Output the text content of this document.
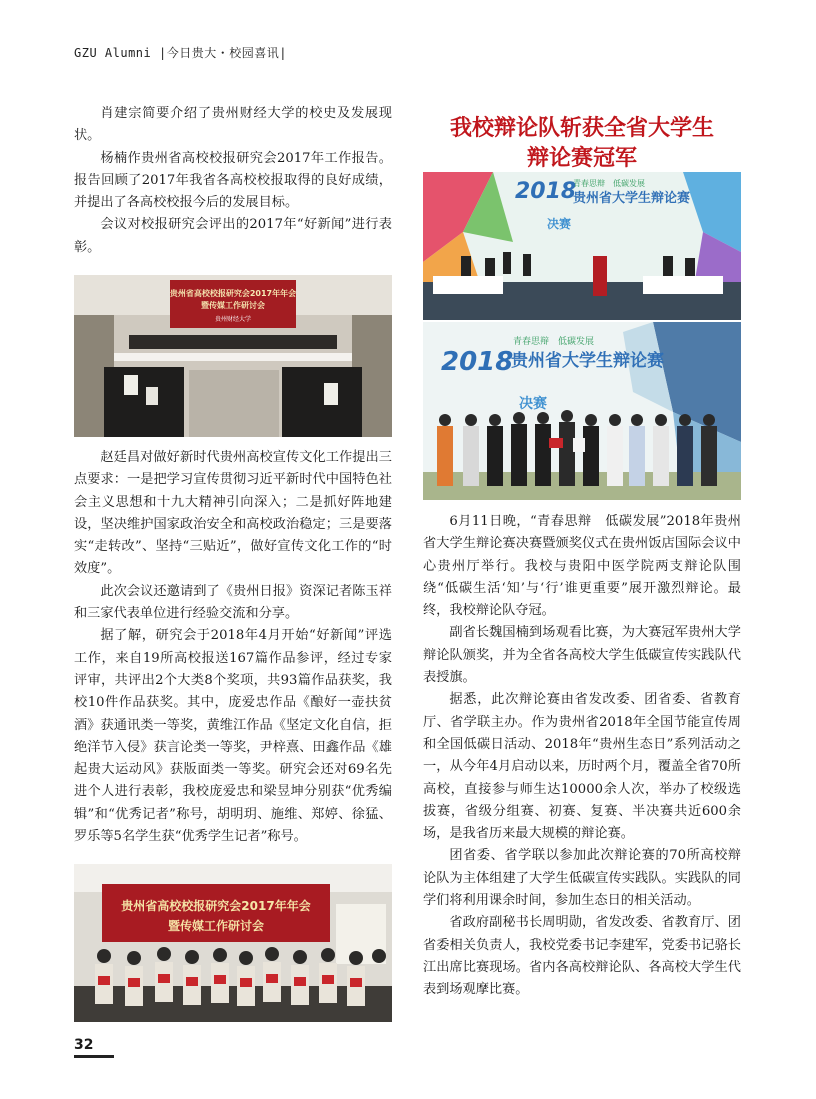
GZU Alumni |今日贵大・校园喜讯|

肖建宗简要介绍了贵州财经大学的校史及发展现状。

杨楠作贵州省高校校报研究会2017年工作报告。报告回顾了2017年我省各高校校报取得的良好成绩，并提出了各高校校报今后的发展目标。

会议对校报研究会评出的2017年“好新闻”进行表彰。

贵州省高校校报研究会2017年年会
暨传媒工作研讨会
贵州财经大学

赵廷昌对做好新时代贵州高校宣传文化工作提出三点要求：一是把学习宣传贯彻习近平新时代中国特色社会主义思想和十九大精神引向深入；二是抓好阵地建设，坚决维护国家政治安全和高校政治稳定；三是要落实“走转改”、坚持“三贴近”，做好宣传文化工作的“时效度”。

此次会议还邀请到了《贵州日报》资深记者陈玉祥和三家代表单位进行经验交流和分享。

据了解，研究会于2018年4月开始“好新闻”评选工作，来自19所高校报送167篇作品参评，经过专家评审，共评出2个大类8个奖项，共93篇作品获奖，我校10件作品获奖。其中，庞爱忠作品《酿好一壶扶贫酒》获通讯类一等奖，黄维江作品《坚定文化自信，拒绝洋节入侵》获言论类一等奖，尹梓熹、田鑫作品《雄起贵大运动风》获版面类一等奖。研究会还对69名先进个人进行表彰，我校庞爱忠和梁昱坤分别获“优秀编辑”和“优秀记者”称号，胡明玥、施维、郑婷、徐猛、罗乐等5名学生获“优秀学生记者”称号。

贵州省高校校报研究会2017年年会
暨传媒工作研讨会
我校辩论队斩获全省大学生
辩论赛冠军
2018
青春思辩　低碳发展
贵州省大学生辩论赛
决赛
2018
青春思辩　低碳发展
贵州省大学生辩论赛
决赛

6月11日晚，“青春思辩　低碳发展”2018年贵州省大学生辩论赛决赛暨颁奖仪式在贵州饭店国际会议中心贵州厅举行。我校与贵阳中医学院两支辩论队围绕“低碳生活‘知’与‘行’谁更重要”展开激烈辩论。最终，我校辩论队夺冠。

副省长魏国楠到场观看比赛，为大赛冠军贵州大学辩论队颁奖，并为全省各高校大学生低碳宣传实践队代表授旗。

据悉，此次辩论赛由省发改委、团省委、省教育厅、省学联主办。作为贵州省2018年全国节能宣传周和全国低碳日活动、2018年“贵州生态日”系列活动之一，从今年4月启动以来，历时两个月，覆盖全省70所高校，直接参与师生达10000余人次，举办了校级选拔赛，省级分组赛、初赛、复赛、半决赛共近600余场，是我省历来最大规模的辩论赛。

团省委、省学联以参加此次辩论赛的70所高校辩论队为主体组建了大学生低碳宣传实践队。实践队的同学们将利用课余时间，参加生态日的相关活动。

省政府副秘书长周明勋，省发改委、省教育厅、团省委相关负责人，我校党委书记李建军，党委书记骆长江出席比赛现场。省内各高校辩论队、各高校大学生代表到场观摩比赛。

32
